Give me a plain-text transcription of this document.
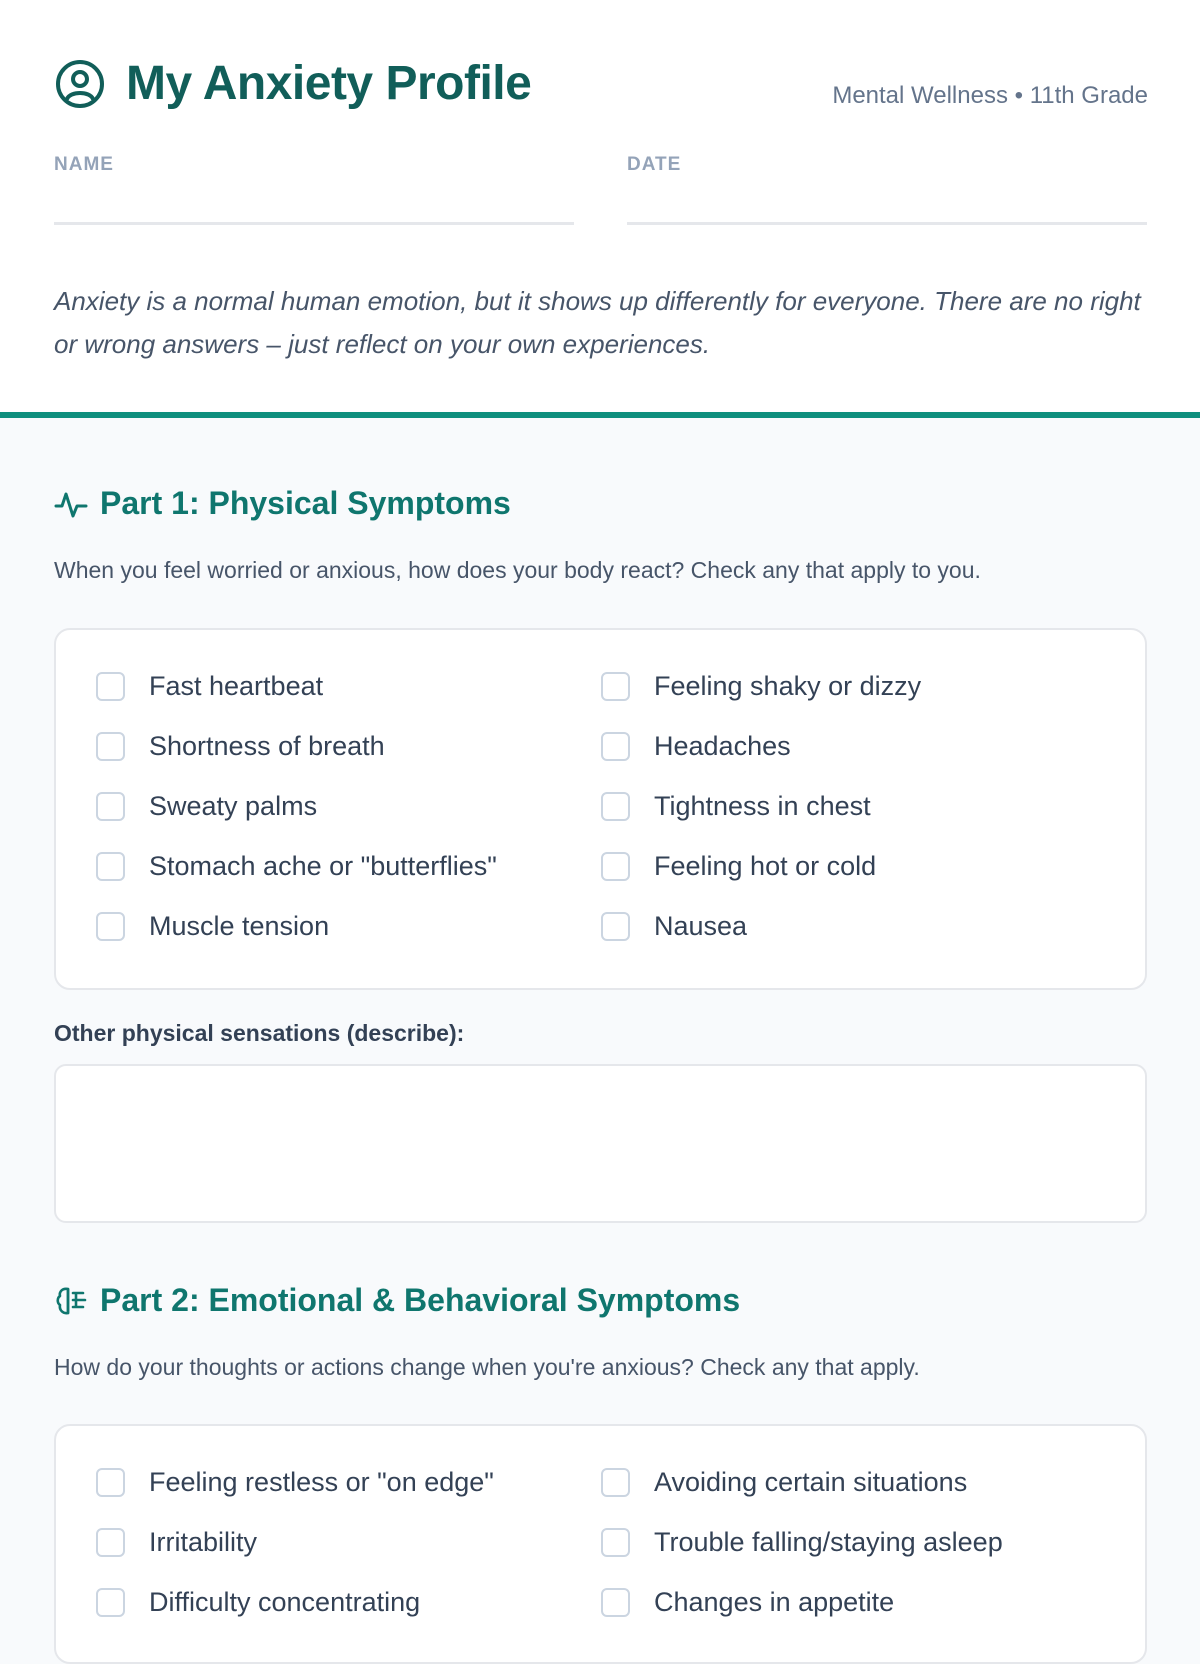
My Anxiety Profile	Mental Wellness • 11th Grade
NAME	DATE
Anxiety is a normal human emotion, but it shows up differently for everyone. There are no right or wrong answers – just reflect on your own experiences.
Part 1: Physical Symptoms
When you feel worried or anxious, how does your body react? Check any that apply to you.
Fast heartbeat	Feeling shaky or dizzy
Shortness of breath	Headaches
Sweaty palms	Tightness in chest
Stomach ache or "butterflies"	Feeling hot or cold
Muscle tension	Nausea
Other physical sensations (describe):
Part 2: Emotional & Behavioral Symptoms
How do your thoughts or actions change when you're anxious? Check any that apply.
Feeling restless or "on edge"	Avoiding certain situations
Irritability	Trouble falling/staying asleep
Difficulty concentrating	Changes in appetite
